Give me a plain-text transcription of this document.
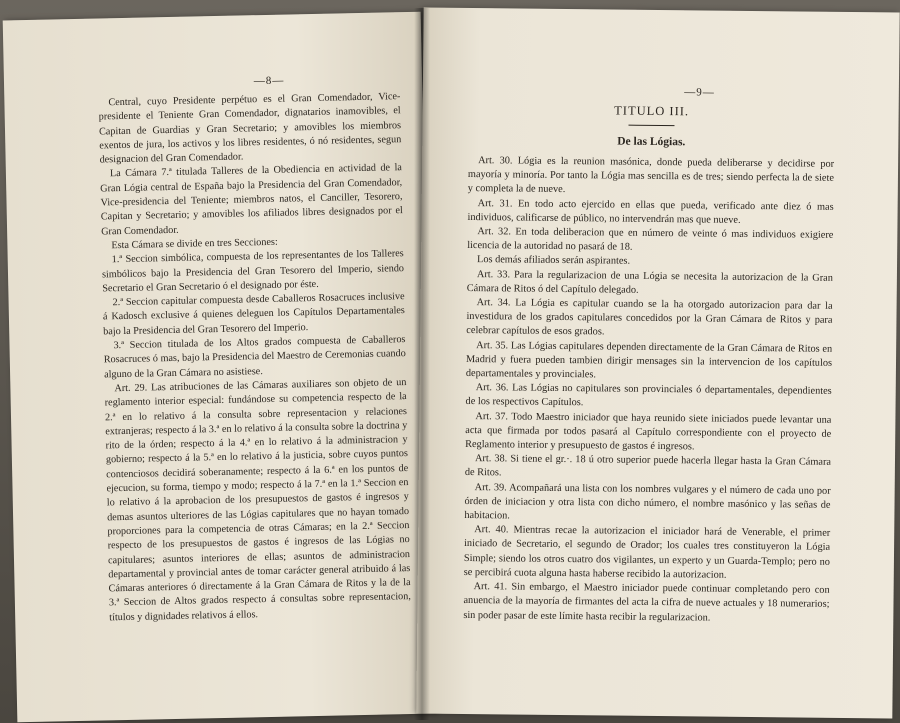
—8—

Central, cuyo Presidente perpétuo es el Gran Comendador, Vice-presidente el Teniente Gran Comendador, dignatarios inamovibles, el Capitan de Guardias y Gran Secretario; y amovibles los miembros exentos de jura, los activos y los libres residentes, ó nó residentes, segun designacion del Gran Comendador.

La Cámara 7.ª titulada Talleres de la Obediencia en actividad de la Gran Lógia central de España bajo la Presidencia del Gran Comendador, Vice-presidencia del Teniente; miembros natos, el Canciller, Tesorero, Capitan y Secretario; y amovibles los afiliados libres designados por el Gran Comendador.

Esta Cámara se divide en tres Secciones:

1.ª Seccion simbólica, compuesta de los representantes de los Talleres simbólicos bajo la Presidencia del Gran Tesorero del Imperio, siendo Secretario el Gran Secretario ó el designado por éste.

2.ª Seccion capitular compuesta desde Caballeros Rosacruces inclusive á Kadosch exclusive á quienes deleguen los Capítulos Departamentales bajo la Presidencia del Gran Tesorero del Imperio.

3.ª Seccion titulada de los Altos grados compuesta de Caballeros Rosacruces ó mas, bajo la Presidencia del Maestro de Ceremonias cuando alguno de la Gran Cámara no asistiese.

Art. 29. Las atribuciones de las Cámaras auxiliares son objeto de un reglamento interior especial: fundándose su competencia respecto de la 2.ª en lo relativo á la consulta sobre representacion y relaciones extranjeras; respecto á la 3.ª en lo relativo á la consulta sobre la doctrina y rito de la órden; respecto á la 4.ª en lo relativo á la administracion y gobierno; respecto á la 5.ª en lo relativo á la justicia, sobre cuyos puntos contenciosos decidirá soberanamente; respecto á la 6.ª en los puntos de ejecucion, su forma, tiempo y modo; respecto á la 7.ª en la 1.ª Seccion en lo relativo á la aprobacion de los presupuestos de gastos é ingresos y demas asuntos ulteriores de las Lógias capitulares que no hayan tomado proporciones para la competencia de otras Cámaras; en la 2.ª Seccion respecto de los presupuestos de gastos é ingresos de las Lógias no capitulares; asuntos interiores de ellas; asuntos de administracion departamental y provincial antes de tomar carácter general atribuido á las Cámaras anteriores ó directamente á la Gran Cámara de Ritos y la de la 3.ª Seccion de Altos grados respecto á consultas sobre representacion, títulos y dignidades relativos á ellos.

—9—
TITULO III.
De las Lógias.

Art. 30. Lógia es la reunion masónica, donde pueda deliberarse y decidirse por mayoría y minoría. Por tanto la Lógia mas sencilla es de tres; siendo perfecta la de siete y completa la de nueve.

Art. 31. En todo acto ejercido en ellas que pueda, verificado ante diez ó mas individuos, calificarse de público, no intervendrán mas que nueve.

Art. 32. En toda deliberacion que en número de veinte ó mas individuos exigiere licencia de la autoridad no pasará de 18.

Los demás afiliados serán aspirantes.

Art. 33. Para la regularizacion de una Lógia se necesita la autorizacion de la Gran Cámara de Ritos ó del Capítulo delegado.

Art. 34. La Lógia es capitular cuando se la ha otorgado autorizacion para dar la investidura de los grados capitulares concedidos por la Gran Cámara de Ritos y para celebrar capítulos de esos grados.

Art. 35. Las Lógias capitulares dependen directamente de la Gran Cámara de Ritos en Madrid y fuera pueden tambien dirigir mensages sin la intervencion de los capítulos departamentales y provinciales.

Art. 36. Las Lógias no capitulares son provinciales ó departamentales, dependientes de los respectivos Capítulos.

Art. 37. Todo Maestro iniciador que haya reunido siete iniciados puede levantar una acta que firmada por todos pasará al Capítulo correspondiente con el proyecto de Reglamento interior y presupuesto de gastos é ingresos.

Art. 38. Si tiene el gr.·. 18 ú otro superior puede hacerla llegar hasta la Gran Cámara de Ritos.

Art. 39. Acompañará una lista con los nombres vulgares y el número de cada uno por órden de iniciacion y otra lista con dicho número, el nombre masónico y las señas de habitacion.

Art. 40. Mientras recae la autorizacion el iniciador hará de Venerable, el primer iniciado de Secretario, el segundo de Orador; los cuales tres constituyeron la Lógia Simple; siendo los otros cuatro dos vigilantes, un experto y un Guarda-Templo; pero no se percibirá cuota alguna hasta haberse recibido la autorizacion.

Art. 41. Sin embargo, el Maestro iniciador puede continuar completando pero con anuencia de la mayoría de firmantes del acta la cifra de nueve actuales y 18 numerarios; sin poder pasar de este límite hasta recibir la regularizacion.
